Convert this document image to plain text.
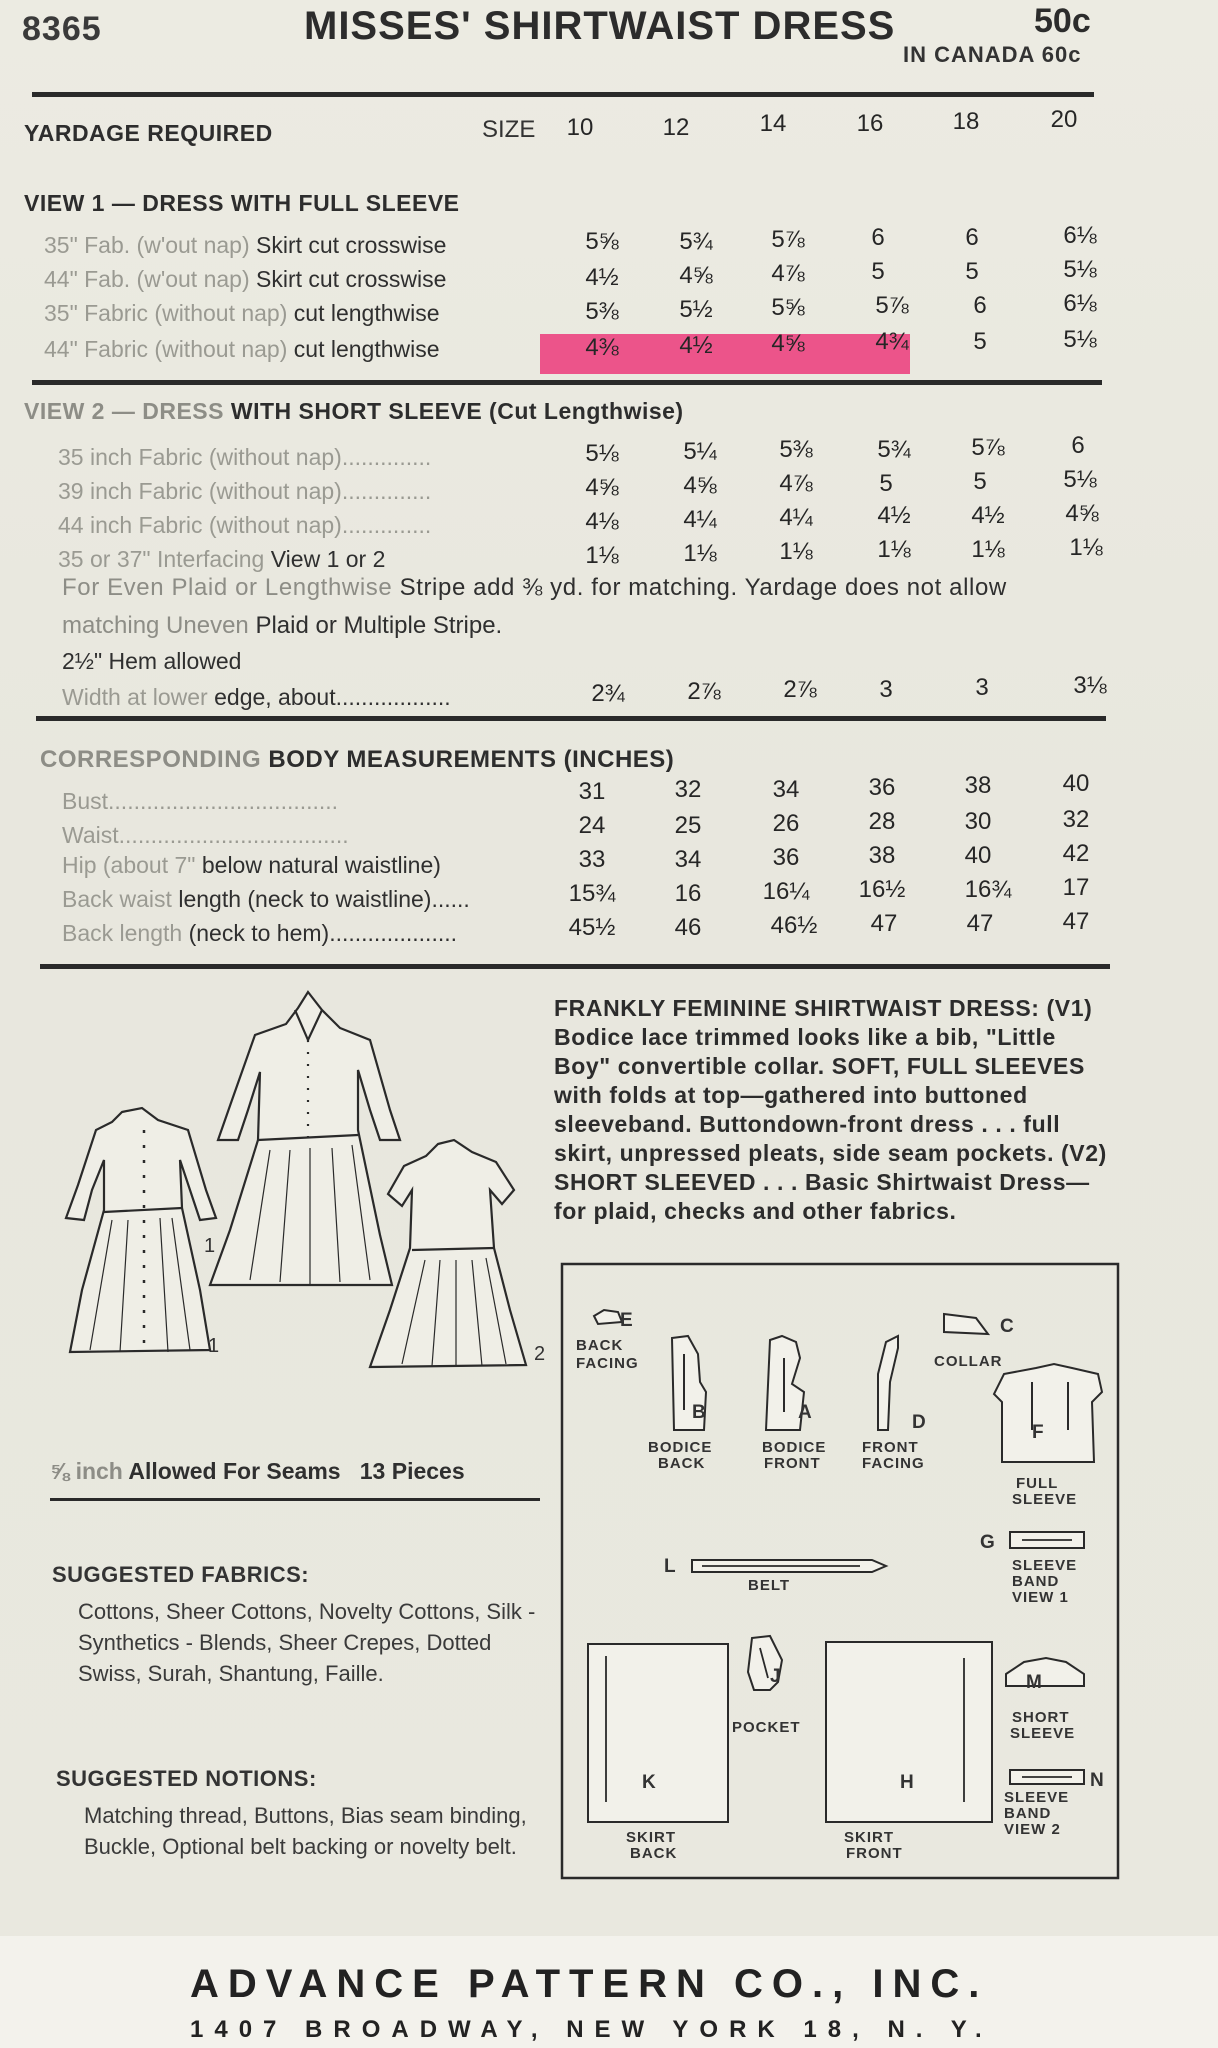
8365	MISSES' SHIRTWAIST DRESS	50c
IN CANADA 60c
YARDAGE REQUIRED	SIZE	10	12	14	16	18	20
VIEW 1 — DRESS WITH FULL SLEEVE
35" Fab. (w'out nap) Skirt cut crosswise	5⅝	5¾	5⅞	6	6	6⅛
44" Fab. (w'out nap) Skirt cut crosswise	4½	4⅝	4⅞	5	5	5⅛
35" Fabric (without nap) cut lengthwise	5⅜	5½	5⅝	5⅞	6	6⅛
44" Fabric (without nap) cut lengthwise	4⅜	4½	4⅝	4¾	5	5⅛
VIEW 2 — DRESS WITH SHORT SLEEVE (Cut Lengthwise)
35 inch Fabric (without nap)..............	5⅛	5¼	5⅜	5¾	5⅞	6
39 inch Fabric (without nap)..............	4⅝	4⅝	4⅞	5	5	5⅛
44 inch Fabric (without nap)..............	4⅛	4¼	4¼	4½	4½	4⅝
35 or 37" Interfacing View 1 or 2	1⅛	1⅛	1⅛	1⅛	1⅛	1⅛
For Even Plaid or Lengthwise Stripe add ⅜ yd. for matching. Yardage does not allow
matching Uneven Plaid or Multiple Stripe.
2½" Hem allowed
Width at lower edge, about..................	2¾	2⅞	2⅞	3	3	3⅛
CORRESPONDING BODY MEASUREMENTS (INCHES)
Bust....................................	31	32	34	36	38	40
Waist....................................	24	25	26	28	30	32
Hip (about 7" below natural waistline)	33	34	36	38	40	42
Back waist length (neck to waistline)......	15¾	16	16¼	16½	16¾	17
Back length (neck to hem)....................	45½	46	46½	47	47	47
1
1	2
FRANKLY FEMININE SHIRTWAIST DRESS: (V1) Bodice lace trimmed looks like a bib, "Little Boy" convertible collar. SOFT, FULL SLEEVES with folds at top—gathered into buttoned sleeveband. Buttondown-front dress . . . full skirt, unpressed pleats, side seam pockets. (V2) SHORT SLEEVED . . . Basic Shirtwaist Dress—for plaid, checks and other fabrics.
⅝ inch Allowed For Seams 13 Pieces
SUGGESTED FABRICS:
Cottons, Sheer Cottons, Novelty Cottons, Silk - Synthetics - Blends, Sheer Crepes, Dotted Swiss, Surah, Shantung, Faille.
SUGGESTED NOTIONS:
Matching thread, Buttons, Bias seam binding, Buckle, Optional belt backing or novelty belt.
E
BACK
FACING
B
BODICE
BACK
A
BODICE
FRONT
D
FRONT
FACING
C
COLLAR
F
FULL
SLEEVE
G
SLEEVE
BAND
VIEW 1
L
BELT
J
POCKET
K
SKIRT
BACK
H
SKIRT
FRONT
M
SHORT
SLEEVE
N
SLEEVE
BAND
VIEW 2
ADVANCE PATTERN CO., INC.
1407 BROADWAY, NEW YORK 18, N. Y.
